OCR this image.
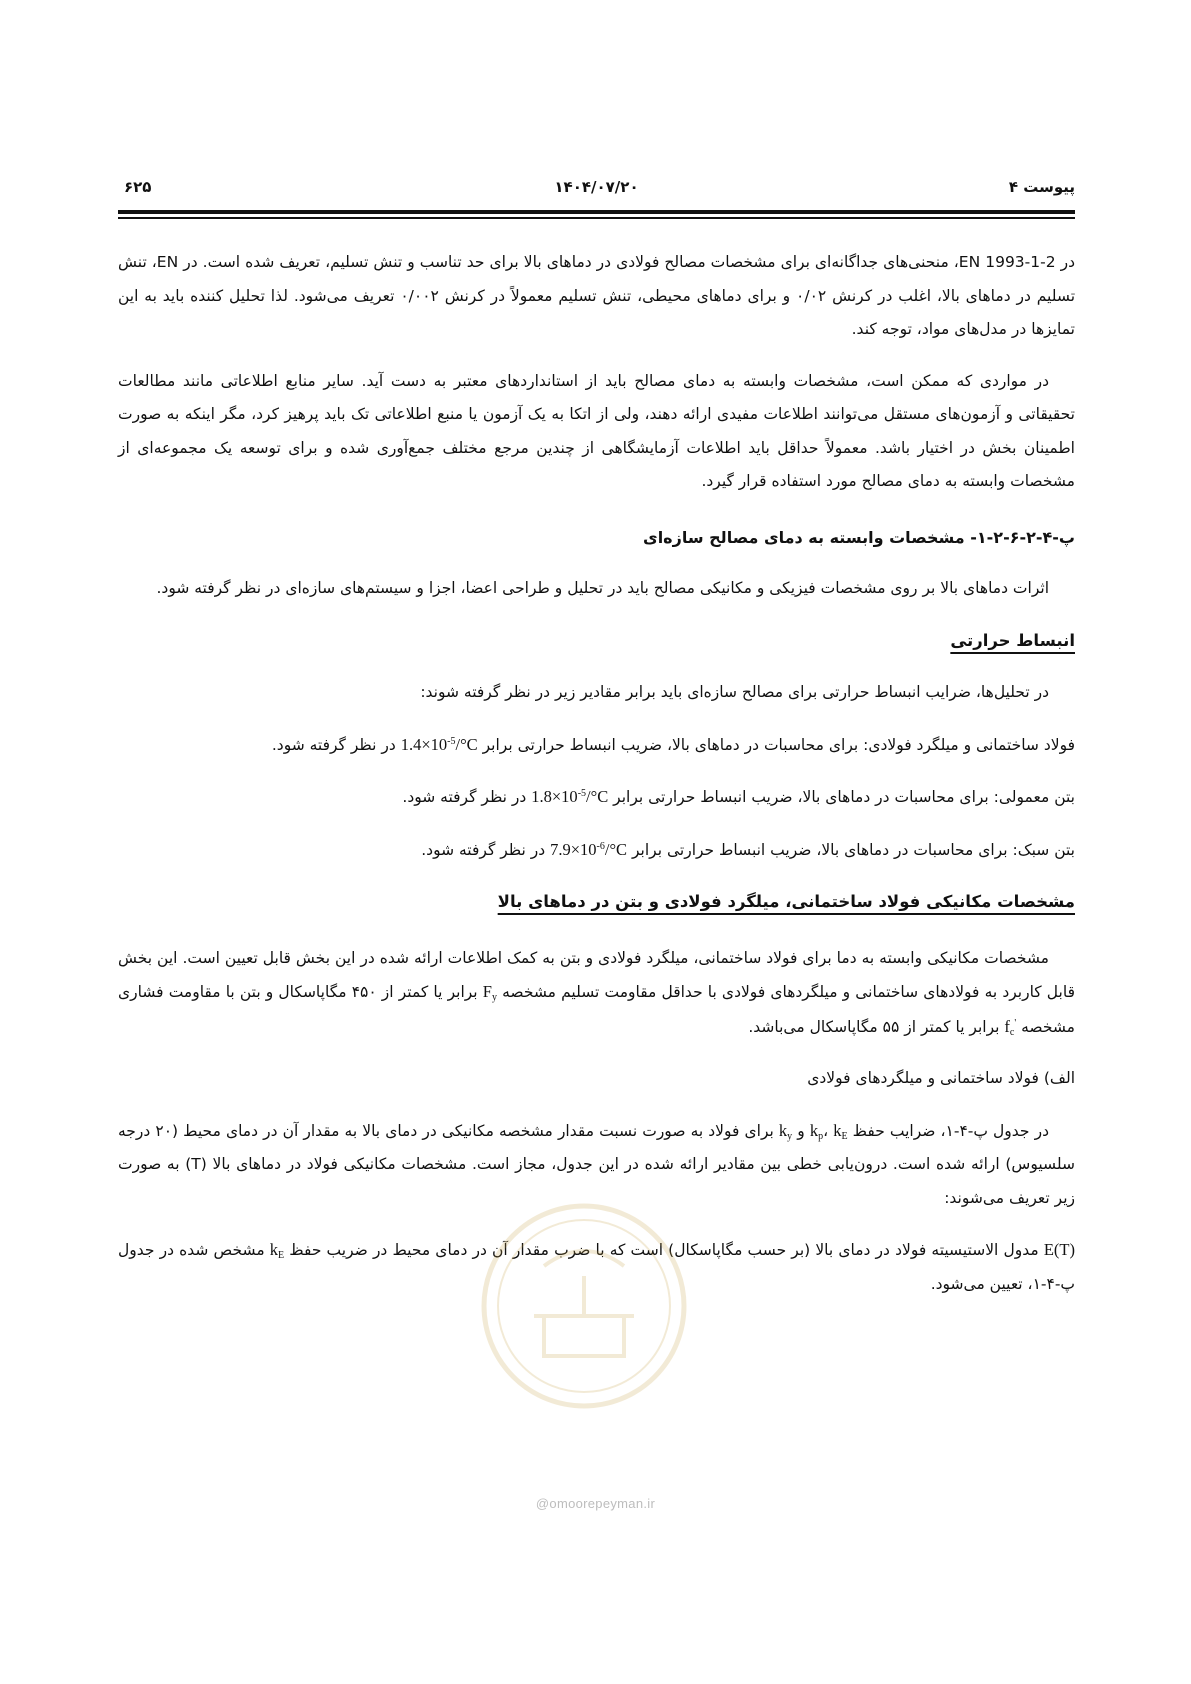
پیوست ۴
۱۴۰۴/۰۷/۲۰
۶۲۵

در EN 1993-1-2، منحنی‌های جداگانه‌ای برای مشخصات مصالح فولادی در دماهای بالا برای حد تناسب و تنش تسلیم، تعریف شده است. در EN، تنش تسلیم در دماهای بالا، اغلب در کرنش ۰/۰۲ و برای دماهای محیطی، تنش تسلیم معمولاً در کرنش ۰/۰۰۲ تعریف می‌شود. لذا تحلیل کننده باید به این تمایزها در مدل‌های مواد، توجه کند.

در مواردی که ممکن است، مشخصات وابسته به دمای مصالح باید از استانداردهای معتبر به دست آید. سایر منابع اطلاعاتی مانند مطالعات تحقیقاتی و آزمون‌های مستقل می‌توانند اطلاعات مفیدی ارائه دهند، ولی از اتکا به یک آزمون یا منبع اطلاعاتی تک باید پرهیز کرد، مگر اینکه به صورت اطمینان بخش در اختیار باشد. معمولاً حداقل باید اطلاعات آزمایشگاهی از چندین مرجع مختلف جمع‌آوری شده و برای توسعه یک مجموعه‌ای از مشخصات وابسته به دمای مصالح مورد استفاده قرار گیرد.

پ-۴-۲-۶-۲-۱- مشخصات وابسته به دمای مصالح سازه‌ای

اثرات دماهای بالا بر روی مشخصات فیزیکی و مکانیکی مصالح باید در تحلیل و طراحی اعضا، اجزا و سیستم‌های سازه‌ای در نظر گرفته شود.

انبساط حرارتی

در تحلیل‌ها، ضرایب انبساط حرارتی برای مصالح سازه‌ای باید برابر مقادیر زیر در نظر گرفته شوند:

فولاد ساختمانی و میلگرد فولادی: برای محاسبات در دماهای بالا، ضریب انبساط حرارتی برابر $1.4\times 10^{-5}/^\circ C$ در نظر گرفته شود.

بتن معمولی: برای محاسبات در دماهای بالا، ضریب انبساط حرارتی برابر $1.8\times 10^{-5}/^\circ C$ در نظر گرفته شود.

بتن سبک: برای محاسبات در دماهای بالا، ضریب انبساط حرارتی برابر $7.9\times 10^{-6}/^\circ C$ در نظر گرفته شود.

مشخصات مکانیکی فولاد ساختمانی، میلگرد فولادی و بتن در دماهای بالا

مشخصات مکانیکی وابسته به دما برای فولاد ساختمانی، میلگرد فولادی و بتن به کمک اطلاعات ارائه شده در این بخش قابل تعیین است. این بخش قابل کاربرد به فولادهای ساختمانی و میلگردهای فولادی با حداقل مقاومت تسلیم مشخصه $F_y$ برابر یا کمتر از ۴۵۰ مگاپاسکال و بتن با مقاومت فشاری مشخصه $f_c'$ برابر یا کمتر از ۵۵ مگاپاسکال می‌باشد.

الف) فولاد ساختمانی و میلگردهای فولادی

در جدول پ-۴-۱، ضرایب حفظ $k_p،$ $k_E$ و $k_y$ برای فولاد به صورت نسبت مقدار مشخصه مکانیکی در دمای بالا به مقدار آن در دمای محیط (۲۰ درجه سلسیوس) ارائه شده است. درون‌یابی خطی بین مقادیر ارائه شده در این جدول، مجاز است. مشخصات مکانیکی فولاد در دماهای بالا (T) به صورت زیر تعریف می‌شوند:

E(T) مدول الاستیسیته فولاد در دمای بالا (بر حسب مگاپاسکال) است که با ضرب مقدار آن در دمای محیط در ضریب حفظ $k_E$ مشخص شده در جدول پ-۴-۱، تعیین می‌شود.

@omoorepeyman.ir
